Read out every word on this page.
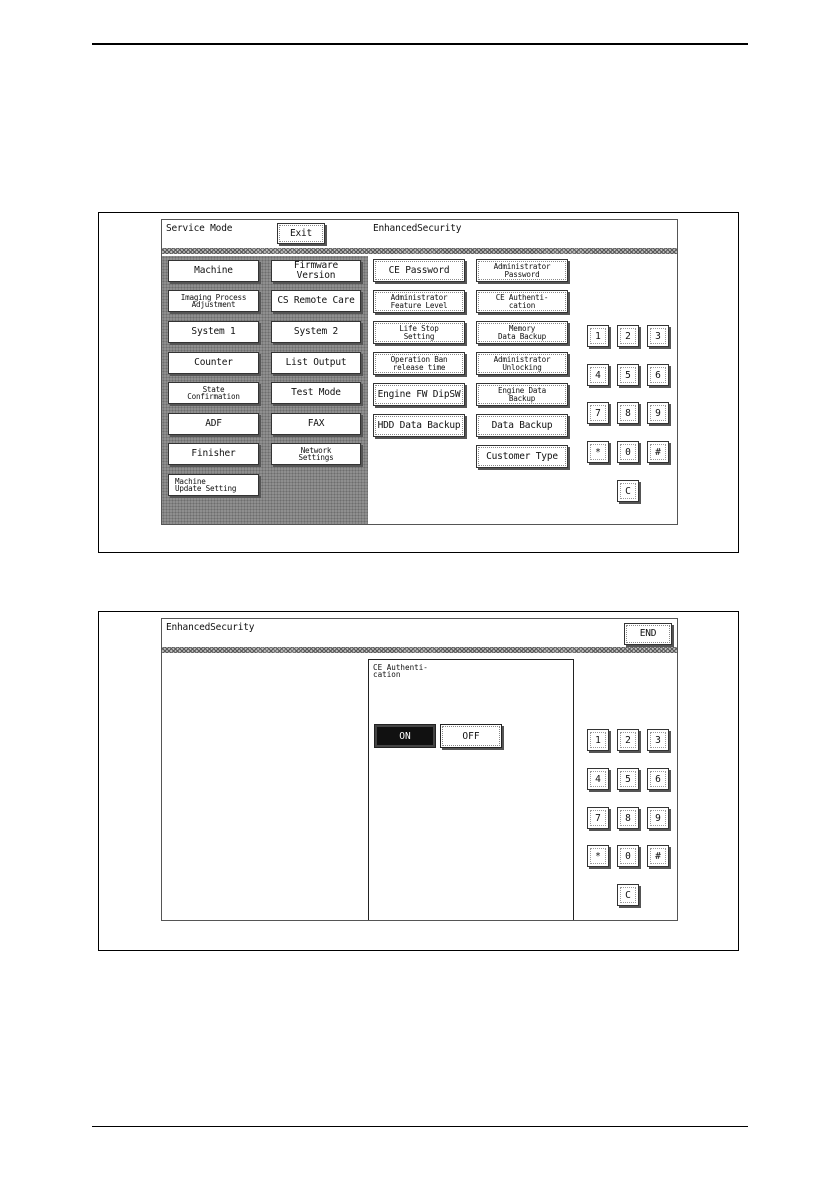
Service Mode	Exit	EnhancedSecurity
Machine	Firmware Version
Imaging Process
Adjustment	CS Remote Care
System 1	System 2
Counter	List Output
State
Confirmation	Test Mode
ADF	FAX
Finisher	Network
Settings
Machine
Update Setting
CE Password
Administrator
Feature Level
Life Stop
Setting
Operation Ban
release time
Engine FW DipSW
HDD Data Backup
Administrator
Password
CE Authenti-
cation
Memory
Data Backup
Administrator
Unlocking
Engine Data
Backup
Data Backup
Customer Type
1	2	3
4	5	6
7	8	9
*	0	#
C
EnhancedSecurity
END
CE Authenti-
cation
ON	OFF	1	2	3
4	5	6
7	8	9
*	0	#
C
